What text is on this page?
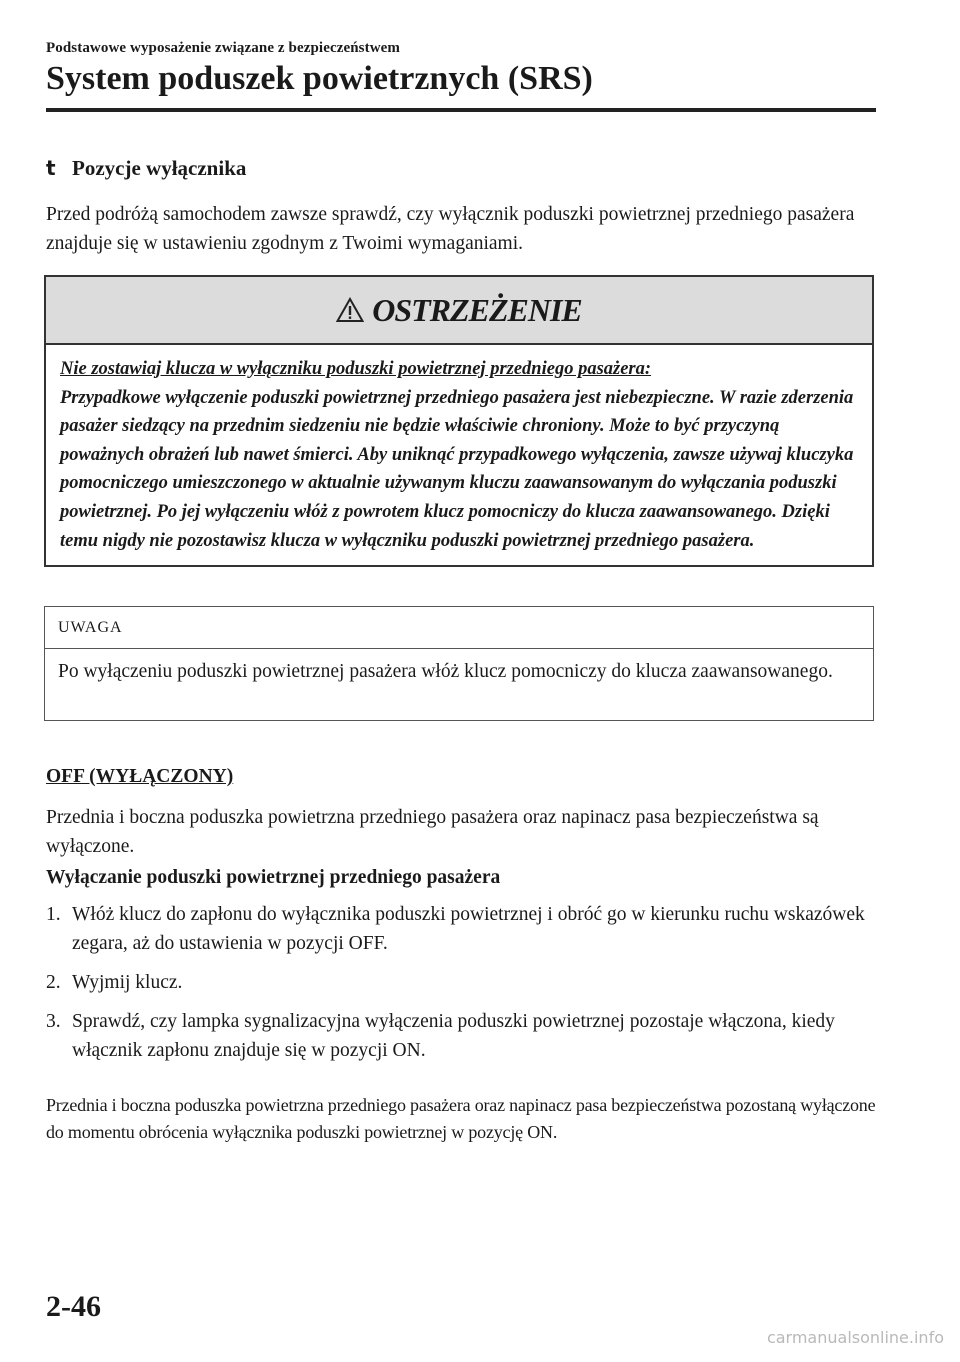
Podstawowe wyposażenie związane z bezpieczeństwem
System poduszek powietrznych (SRS)
t Pozycje wyłącznika
Przed podróżą samochodem zawsze sprawdź, czy wyłącznik poduszki powietrznej przedniego pasażera znajduje się w ustawieniu zgodnym z Twoimi wymaganiami.
OSTRZEŻENIE
Nie zostawiaj klucza w wyłączniku poduszki powietrznej przedniego pasażera:
Przypadkowe wyłączenie poduszki powietrznej przedniego pasażera jest niebezpieczne. W razie zderzenia pasażer siedzący na przednim siedzeniu nie będzie właściwie chroniony. Może to być przyczyną poważnych obrażeń lub nawet śmierci. Aby uniknąć przypadkowego wyłączenia, zawsze używaj kluczyka pomocniczego umieszczonego w aktualnie używanym kluczu zaawansowanym do wyłączania poduszki powietrznej. Po jej wyłączeniu włóż z powrotem klucz pomocniczy do klucza zaawansowanego. Dzięki temu nigdy nie pozostawisz klucza w wyłączniku poduszki powietrznej przedniego pasażera.
UWAGA
Po wyłączeniu poduszki powietrznej pasażera włóż klucz pomocniczy do klucza zaawansowanego.
OFF (WYŁĄCZONY)
Przednia i boczna poduszka powietrzna przedniego pasażera oraz napinacz pasa bezpieczeństwa są wyłączone.
Wyłączanie poduszki powietrznej przedniego pasażera
1. Włóż klucz do zapłonu do wyłącznika poduszki powietrznej i obróć go w kierunku ruchu wskazówek zegara, aż do ustawienia w pozycji OFF.
2. Wyjmij klucz.
3. Sprawdź, czy lampka sygnalizacyjna wyłączenia poduszki powietrznej pozostaje włączona, kiedy włącznik zapłonu znajduje się w pozycji ON.
Przednia i boczna poduszka powietrzna przedniego pasażera oraz napinacz pasa bezpieczeństwa pozostaną wyłączone do momentu obrócenia wyłącznika poduszki powietrznej w pozycję ON.
2-46
carmanualsonline.info
